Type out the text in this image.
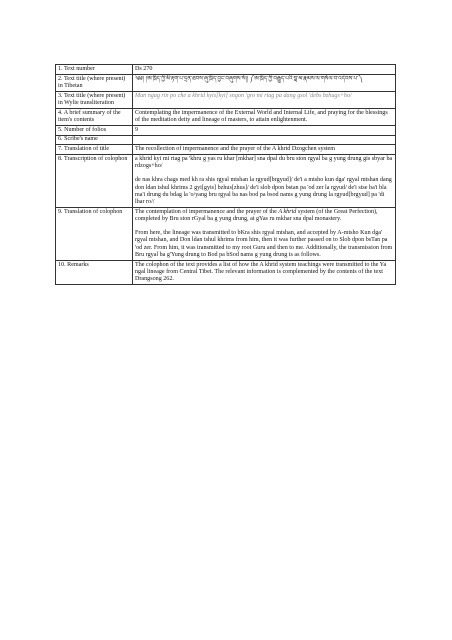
1. Text number	Ds 270
2. Text title (where present) in Tibetan	༄༅། །ཨ་ཁྲིད་ཀྱི་མི་རྟག་པ་དྲན་ཐབས་ཞུ་ཁྲིད་བྱང་བཞུགས་སོ།། ༼ཨ་ཁྲིད་ཀྱི་བརྒྱུད་པའི་བླ་མ་རྣམས་ལ་གསོལ་བ་འདེབས་པ་༽
3. Text title (where present) in Wylie transliteration	Man ngag rin po che a khrid kyis[kyi] sngon 'gro mi rtag pa dang gsol 'debs bzhugs+ho/
4. A brief summary of the item's contents	Contemplating the impermanence of the External World and Internal Life, and praying for the blessings of the meditation deity and lineage of masters, to attain enlightenment.
5. Number of folios	9
6. Scribe's name	
7. Translation of title	The recollection of impermanence and the prayer of the A khrid Dzogchen system
8. Transcription of colophon	a khrid kyi mi rtag pa 'khru g yas ru khar [mkhar] sna dpal du bru ston rgyal ba g yung drung gis sbyar ba rdzogs+ho/
de nas khra chags med kh ra shis rgyal mtshan la rgyud[brgyud]/ de'i a mtsho kun dga' rgyal mtshan dang don ldan tshul khrims 2 gyi[gyis] bzhus[zhus]/ de'i slob dpon bstan pa 'od zer la rgyud/ de'i stse ba'i bla ma'i drung du bdag la 'o/yang bru rgyal ba nas bod pa bsod nams g yung drung la rgyud[brgyud] pa 'di lhar ro//

9. Translation of colophon	The contemplation of impermanence and the prayer of the A khrid system (of the Great Perfection), completed by Bru ston rGyal ba g yung drung, at gYas ru mkhar sna dpal monastery.
From here, the lineage was transmitted to bKra shis rgyal mtshan, and accepted by A-mtsho Kun dga' rgyal mtshan, and Don ldan tshul khrims from him, then it was further passed on to Slob dpon bsTan pa 'od zer. From him, it was transmitted to my root Guru and then to me. Additionally, the transmission from Bru rgyal ba g'Yung drung to Bod pa bSod nams g yung drung is as follows.

10. Remarks	The colophon of the text provides a list of how the A khrid system teachings were transmitted to the Ya ngal lineage from Central Tibet. The relevant information is complemented by the contents of the text Drangsong 262.
